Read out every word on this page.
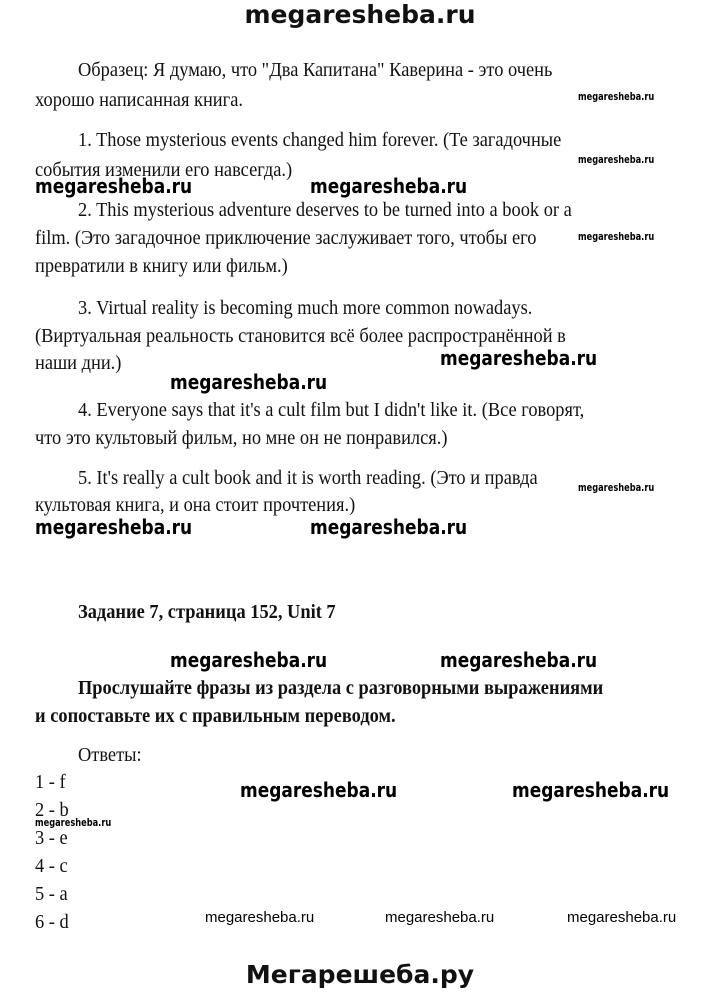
megaresheba.ru
Образец: Я думаю, что "Два Капитана" Каверина - это очень
хорошо написанная книга.	megaresheba.ru
1. Those mysterious events changed him forever. (Те загадочные
события изменили его навсегда.)	megaresheba.ru
megaresheba.ru	megaresheba.ru
2. This mysterious adventure deserves to be turned into a book or a
megaresheba.ru
film. (Это загадочное приключение заслуживает того, чтобы его
превратили в книгу или фильм.)
3. Virtual reality is becoming much more common nowadays.
(Виртуальная реальность становится всё более распространённой в
наши дни.)	megaresheba.ru
megaresheba.ru
4. Everyone says that it's a cult film but I didn't like it. (Все говорят,
что это культовый фильм, но мне он не понравился.)
5. It's really a cult book and it is worth reading. (Это и правда	megaresheba.ru
культовая книга, и она стоит прочтения.)
megaresheba.ru	megaresheba.ru
Задание 7, страница 152, Unit 7
megaresheba.ru	megaresheba.ru
Прослушайте фразы из раздела с разговорными выражениями
и сопоставьте их с правильным переводом.
Ответы:
1 - f
2 - b
3 - e
4 - c
5 - a
6 - d
megaresheba.ru	megaresheba.ru
megaresheba.ru
megaresheba.ru	megaresheba.ru	megaresheba.ru
Мегарешеба.ру
